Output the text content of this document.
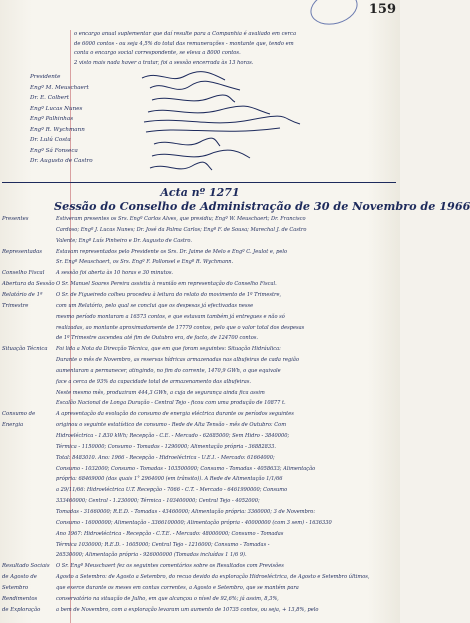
159
o encargo anual suplementar que daí resulte para a Companhia é avaliado em cerca
de 6000 contos - ou seja 4,5% do total das remunerações - montante que, tendo em
conta o encargo social correspondente, se eleva a 8000 contos.
2 visto mais nada haver a tratar, foi a sessão encerrada às 13 horas.
Presidente
Engº M. Meuschaert
Dr. E. Colbert
Engº Lucas Nunes
Engº Palhinhas
Engº R. Wychmann
Dr. Lulú Costa
Engº Sá Fonseca
Dr. Augusto de Castro
Acta nº 1271
Sessão do Conselho de Administração de 30 de Novembro de 1966
Presentes	Estiveram presentes os Srs. Engº Carlos Alves, que presidiu; Engº W. Meuschaert; Dr. Francisco
Cardoso; Engº J. Lucas Nunes; Dr. José da Palma Carlos; Engº F. de Sousa; Marechal J. de Castro
Valente; Engº Luís Pinheiro e Dr. Augusto de Castro.
Representadas	Estavam representados pelo Presidente os Srs. Dr. Jaime de Melo e Engº C. Jeulot e, pelo
Sr. Engº Meuschaert, os Srs. Engº F. Pollonsel e Engº R. Wychmann.
Conselho Fiscal	A sessão foi aberta às 10 horas e 30 minutos.
Abertura da Sessão O Sr. Manuel Soares Pereira assistiu à reunião em representação do Conselho Fiscal.
Relatório de 1ª	O Sr. de Figueiredo colheu procedeu à leitura do relato do movimento de 1º Trimestre,
Trimestre	com um Relatório, pelo qual se conclui que os despesas já efectivadas nesse
mesmo período montaram a 16573 contos, e que estavam também já entregues e não só
realizadas, ao montante aproximadamente de 17779 contos, pelo que o valor total dos despesas
de 1º Trimestre ascendeu até fim de Outubro era, de facto, de 124700 contos.
Situação Técnica	Foi lida a Nota da Direcção Técnica, que em que foram seguintes: Situação Hidráulica:
Durante o mês de Novembro, as reservas hídricas armazenadas nas albufeiras de cada região
aumentaram a permanecer, atingindo, no fim do corrente, 1470,9 GWh, o que equivale
face a cerca de 93% da capacidade total de armazenamento das albufeiras.
Neste mesmo mês, produziram 444,3 GWh, a cuja de segurança ainda fica assim
Escalão Nacional de Longa Duração - Central Tejo - ficou com uma produção de 10877 t.
Consumo de	A apresentação da evolução do consumo de energia eléctrica durante os períodos seguintes
Energia	originou o seguinte estatístico de consumo - Rede de Alta Tensão - mês de Outubro: Com
Hidroeléctrica - 1.830 kWh; Recepção - C.E. - Mercado - 62685000; Sem Hidro - 3840000;
Térmica - 1150000; Consumo - Tomadas - 1290000; Alimentação própria - 36882833.
Total: 8483010. Ano: 1966 - Recepção - Hidroeléctrica - U.E.I. - Mercado: 61664000;
Consumo - 1032000; Consumo - Tomadas - 103500000; Consumo - Tomadas - 4058633; Alimentação
própria: 68469000 (das quais 1° 2964000 (em trânsito)). A Rede de Alimentação 1/1/66
a 29/11/66: Hidroeléctrica U.T. Recepção - 7066 - C.T. - Mercado - 6461990000; Consumo
333460000; Central - 1.230000; Térmica - 103400000; Central Tejo - 4052000;
Tomadas - 31660000; R.E.D. - Tomadas - 43460000; Alimentação própria: 3360000; 3 de Novembro:
Consumo - 16000000; Alimentação - 3366100000; Alimentação própria - 40000000 (com 3 sem) - 1636330
Ano 1967: Hidroeléctrica - Recepção - C.T.E. - Mercado: 48000000; Consumo - Tomadas
Térmica 1030000; R.E.D. - 1605000; Central Tejo - 1216000; Consumo - Tomadas -
26530000; Alimentação própria - 926000000 (Tomadas incluídas 1 1/6 9).
Resultado Sociais	O Sr. Engº Meuschaert fez os seguintes comentários sobre os Resultados com Previsões
de Agosto de	Agosto a Setembro: de Agosto a Setembro, do recuo devido da exploração Hidroeléctrica, de Agosto e Setembro últimos,
Setembro	que exerce durante os meses em contas correntes, a Agosto e Setembro, que se mantém para
Rendimentos	conservatório na situação de Julho, em que alcançou o nível de 92,6%; já assim, 8,3%,
de Exploração	a bem de Novembro, com a exploração levaram um aumento de 10735 contos, ou seja, + 13,8%, pelo
